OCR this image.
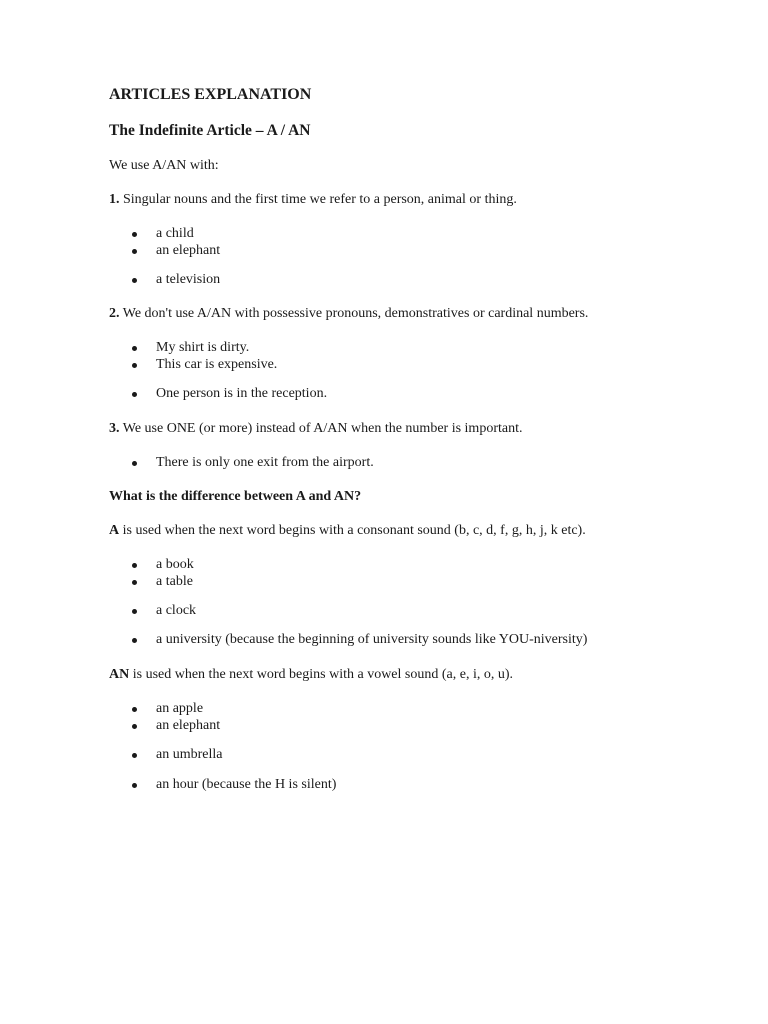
ARTICLES EXPLANATION
The Indefinite Article – A / AN
We use A/AN with:
1. Singular nouns and the first time we refer to a person, animal or thing.
a child
an elephant
a television
2. We don't use A/AN with possessive pronouns, demonstratives or cardinal numbers.
My shirt is dirty.
This car is expensive.
One person is in the reception.
3. We use ONE (or more) instead of A/AN when the number is important.
There is only one exit from the airport.
What is the difference between A and AN?
A is used when the next word begins with a consonant sound (b, c, d, f, g, h, j, k etc).
a book
a table
a clock
a university (because the beginning of university sounds like YOU-niversity)
AN is used when the next word begins with a vowel sound (a, e, i, o, u).
an apple
an elephant
an umbrella
an hour (because the H is silent)
